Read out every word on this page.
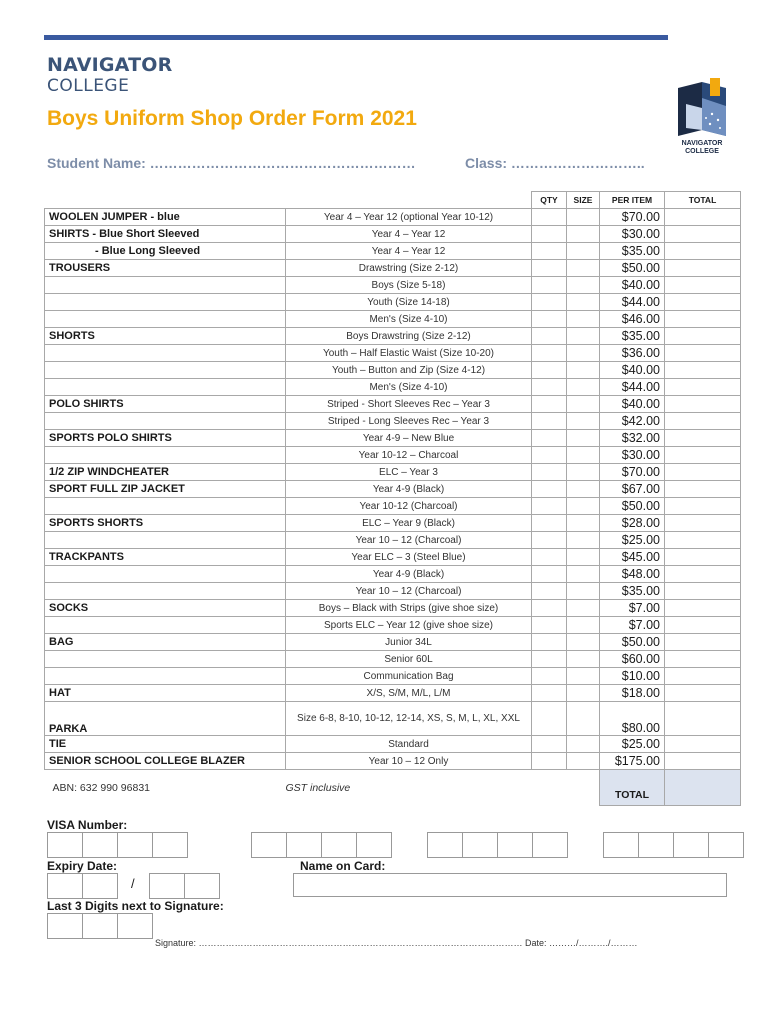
NAVIGATOR
COLLEGE
Boys Uniform Shop Order Form 2021
Student Name: …………………………………………………	Class: ………………………..
NAVIGATOR
COLLEGE
		QTY	SIZE	PER ITEM	TOTAL
WOOLEN JUMPER - blue	Year 4 – Year 12 (optional Year 10-12)			$70.00	
SHIRTS - Blue Short Sleeved	Year 4 – Year 12			$30.00	
- Blue Long Sleeved	Year 4 – Year 12			$35.00	
TROUSERS	Drawstring (Size 2-12)			$50.00	
	Boys (Size 5-18)			$40.00	
	Youth (Size 14-18)			$44.00	
	Men's (Size 4-10)			$46.00	
SHORTS	Boys Drawstring (Size 2-12)			$35.00	
	Youth – Half Elastic Waist (Size 10-20)			$36.00	
	Youth – Button and Zip (Size 4-12)			$40.00	
	Men's (Size 4-10)			$44.00	
POLO SHIRTS	Striped - Short Sleeves Rec – Year 3			$40.00	
	Striped - Long Sleeves Rec – Year 3			$42.00	
SPORTS POLO SHIRTS	Year 4-9 – New Blue			$32.00	
	Year 10-12 – Charcoal			$30.00	
1/2 ZIP WINDCHEATER	ELC – Year 3			$70.00	
SPORT FULL ZIP JACKET	Year 4-9 (Black)			$67.00	
	Year 10-12 (Charcoal)			$50.00	
SPORTS SHORTS	ELC – Year 9 (Black)			$28.00	
	Year 10 – 12 (Charcoal)			$25.00	
TRACKPANTS	Year ELC – 3 (Steel Blue)			$45.00	
	Year 4-9 (Black)			$48.00	
	Year 10 – 12 (Charcoal)			$35.00	
SOCKS	Boys – Black with Strips (give shoe size)			$7.00	
	Sports ELC – Year 12 (give shoe size)			$7.00	
BAG	Junior 34L			$50.00	
	Senior 60L			$60.00	
	Communication Bag			$10.00	
HAT	X/S, S/M, M/L, L/M			$18.00	
PARKA	Size 6-8, 8-10, 10-12, 12-14, XS, S, M, L, XL, XXL			$80.00	
TIE	Standard			$25.00	
SENIOR SCHOOL COLLEGE BLAZER	Year 10 – 12 Only			$175.00	
ABN: 632 990 96831	GST inclusive			TOTAL	
VISA Number:
Expiry Date:
/
Name on Card:
Last 3 Digits next to Signature:
Signature: ……………………………………………………………………………………………… Date: ………/………./………
